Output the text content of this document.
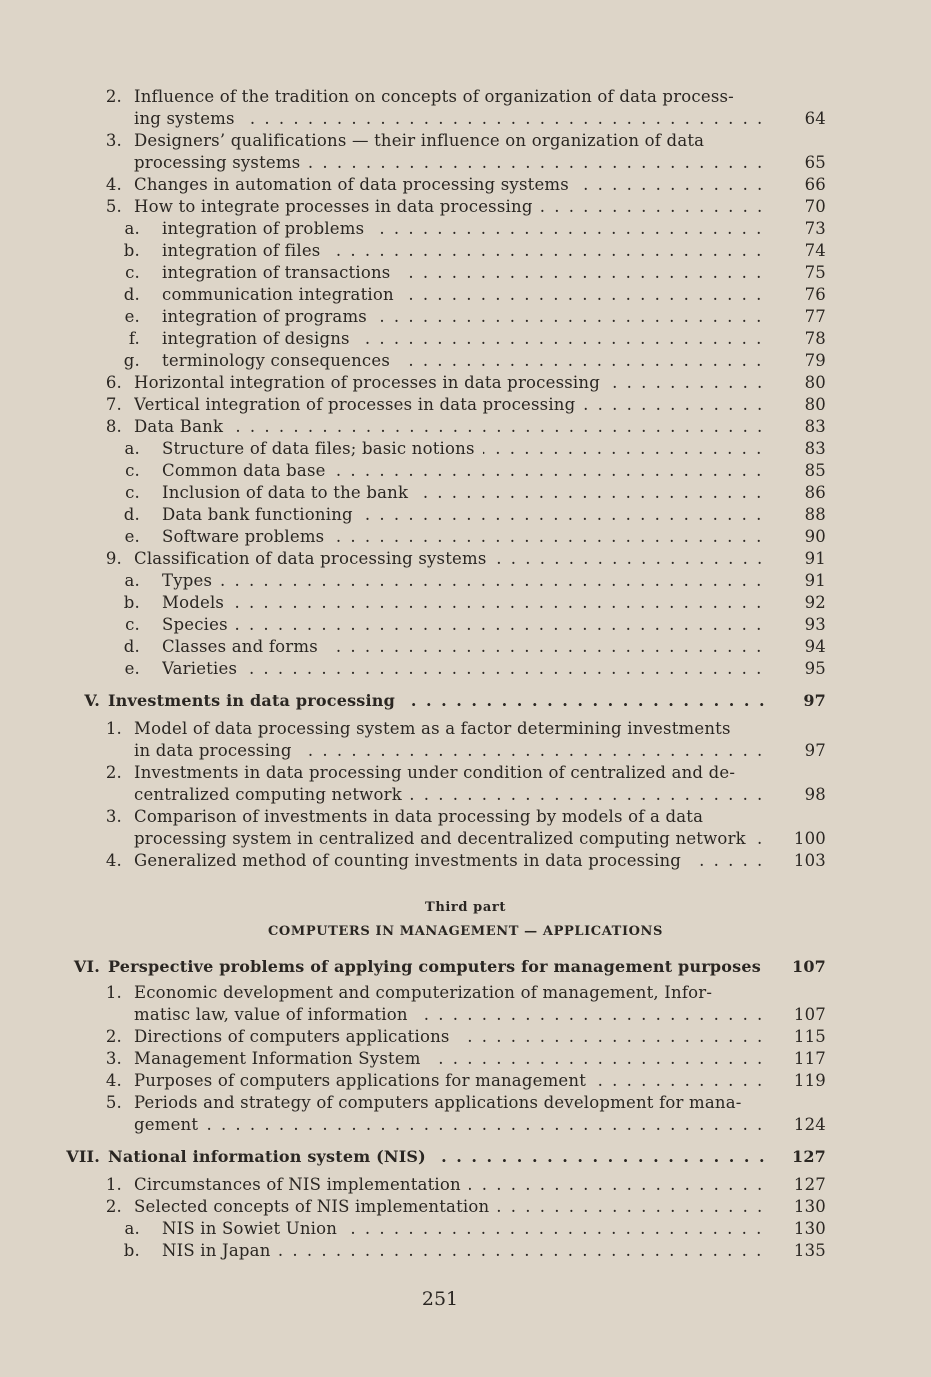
2. Influence of the tradition on concepts of organization of data process-
ing systems . . .	64
3. Designers’ qualifications — their influence on organization of data
processing systems . . .	65
4. Changes in automation of data processing systems . . .	66
5. How to integrate processes in data processing . . .	70
a. integration of problems . . .	73
b. integration of files . . .	74
c. integration of transactions . . .	75
d. communication integration . . .	76
e. integration of programs . . .	77
f. integration of designs . . .	78
g. terminology consequences . . .	79
6. Horizontal integration of processes in data processing . . .	80
7. Vertical integration of processes in data processing . . .	80
8. Data Bank . . .	83
a. Structure of data files; basic notions . . .	83
c. Common data base . . .	85
c. Inclusion of data to the bank . . .	86
d. Data bank functioning . . .	88
e. Software problems . . .	90
9. Classification of data processing systems . . .	91
a. Types . . .	91
b. Models . . .	92
c. Species . . .	93
d. Classes and forms . . .	94
e. Varieties . . .	95
V. Investments in data processing . . .	97
1. Model of data processing system as a factor determining investments
in data processing . . .	97
2. Investments in data processing under condition of centralized and de-
centralized computing network . . .	98
3. Comparison of investments in data processing by models of a data
processing system in centralized and decentralized computing network . . .	100
4. Generalized method of counting investments in data processing . . .	103
VI. Perspective problems of applying computers for management purposes . . .	107
1. Economic development and computerization of management, Infor-
matisc law, value of information . . .	107
2. Directions of computers applications . . .	115
3. Management Information System . . .	117
4. Purposes of computers applications for management . . .	119
5. Periods and strategy of computers applications development for mana-
gement . . .	124
VII. National information system (NIS) . . .	127
1. Circumstances of NIS implementation . . .	127
2. Selected concepts of NIS implementation . . .	130
a. NIS in Sowiet Union . . .	130
b. NIS in Japan . . .	135
Third part
COMPUTERS IN MANAGEMENT — APPLICATIONS
251
